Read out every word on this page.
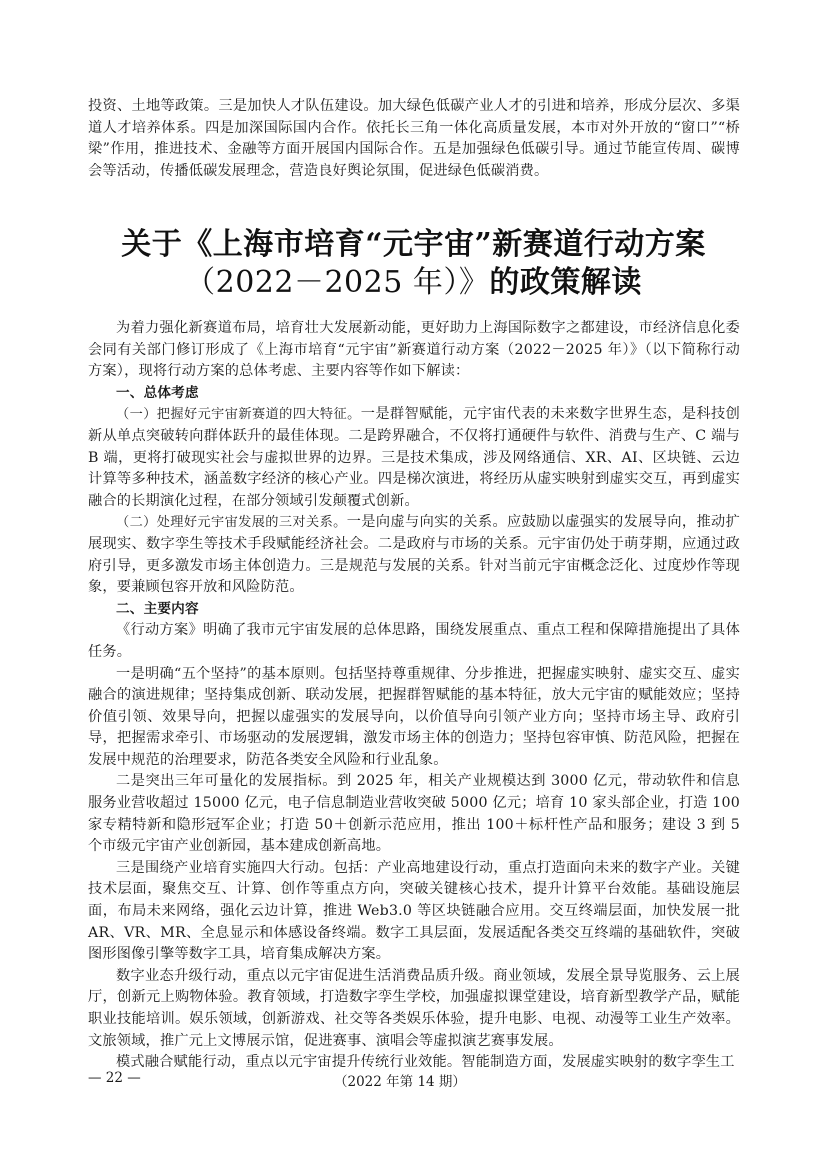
投资、土地等政策。三是加快人才队伍建设。加大绿色低碳产业人才的引进和培养，形成分层次、多渠道人才培养体系。四是加深国际国内合作。依托长三角一体化高质量发展，本市对外开放的“窗口”“桥梁”作用，推进技术、金融等方面开展国内国际合作。五是加强绿色低碳引导。通过节能宣传周、碳博会等活动，传播低碳发展理念，营造良好舆论氛围，促进绿色低碳消费。

关于《上海市培育“元宇宙”新赛道行动方案
（2022－2025 年）》的政策解读

为着力强化新赛道布局，培育壮大发展新动能，更好助力上海国际数字之都建设，市经济信息化委会同有关部门修订形成了《上海市培育“元宇宙”新赛道行动方案（2022－2025 年）》（以下简称行动方案），现将行动方案的总体考虑、主要内容等作如下解读：

一、总体考虑

（一）把握好元宇宙新赛道的四大特征。一是群智赋能，元宇宙代表的未来数字世界生态，是科技创新从单点突破转向群体跃升的最佳体现。二是跨界融合，不仅将打通硬件与软件、消费与生产、C 端与 B 端，更将打破现实社会与虚拟世界的边界。三是技术集成，涉及网络通信、XR、AI、区块链、云边计算等多种技术，涵盖数字经济的核心产业。四是梯次演进，将经历从虚实映射到虚实交互，再到虚实融合的长期演化过程，在部分领域引发颠覆式创新。

（二）处理好元宇宙发展的三对关系。一是向虚与向实的关系。应鼓励以虚强实的发展导向，推动扩展现实、数字孪生等技术手段赋能经济社会。二是政府与市场的关系。元宇宙仍处于萌芽期，应通过政府引导，更多激发市场主体创造力。三是规范与发展的关系。针对当前元宇宙概念泛化、过度炒作等现象，要兼顾包容开放和风险防范。

二、主要内容

《行动方案》明确了我市元宇宙发展的总体思路，围绕发展重点、重点工程和保障措施提出了具体任务。

一是明确“五个坚持”的基本原则。包括坚持尊重规律、分步推进，把握虚实映射、虚实交互、虚实融合的演进规律；坚持集成创新、联动发展，把握群智赋能的基本特征，放大元宇宙的赋能效应；坚持价值引领、效果导向，把握以虚强实的发展导向，以价值导向引领产业方向；坚持市场主导、政府引导，把握需求牵引、市场驱动的发展逻辑，激发市场主体的创造力；坚持包容审慎、防范风险，把握在发展中规范的治理要求，防范各类安全风险和行业乱象。

二是突出三年可量化的发展指标。到 2025 年，相关产业规模达到 3000 亿元，带动软件和信息服务业营收超过 15000 亿元，电子信息制造业营收突破 5000 亿元；培育 10 家头部企业，打造 100 家专精特新和隐形冠军企业；打造 50＋创新示范应用，推出 100＋标杆性产品和服务；建设 3 到 5 个市级元宇宙产业创新园，基本建成创新高地。

三是围绕产业培育实施四大行动。包括：产业高地建设行动，重点打造面向未来的数字产业。关键技术层面，聚焦交互、计算、创作等重点方向，突破关键核心技术，提升计算平台效能。基础设施层面，布局未来网络，强化云边计算，推进 Web3.0 等区块链融合应用。交互终端层面，加快发展一批 AR、VR、MR、全息显示和体感设备终端。数字工具层面，发展适配各类交互终端的基础软件，突破图形图像引擎等数字工具，培育集成解决方案。

数字业态升级行动，重点以元宇宙促进生活消费品质升级。商业领域，发展全景导览服务、云上展厅，创新元上购物体验。教育领域，打造数字孪生学校，加强虚拟课堂建设，培育新型教学产品，赋能职业技能培训。娱乐领域，创新游戏、社交等各类娱乐体验，提升电影、电视、动漫等工业生产效率。文旅领域，推广元上文博展示馆，促进赛事、演唱会等虚拟演艺赛事发展。

模式融合赋能行动，重点以元宇宙提升传统行业效能。智能制造方面，发展虚实映射的数字孪生工

— 22 —	（2022 年第 14 期）
